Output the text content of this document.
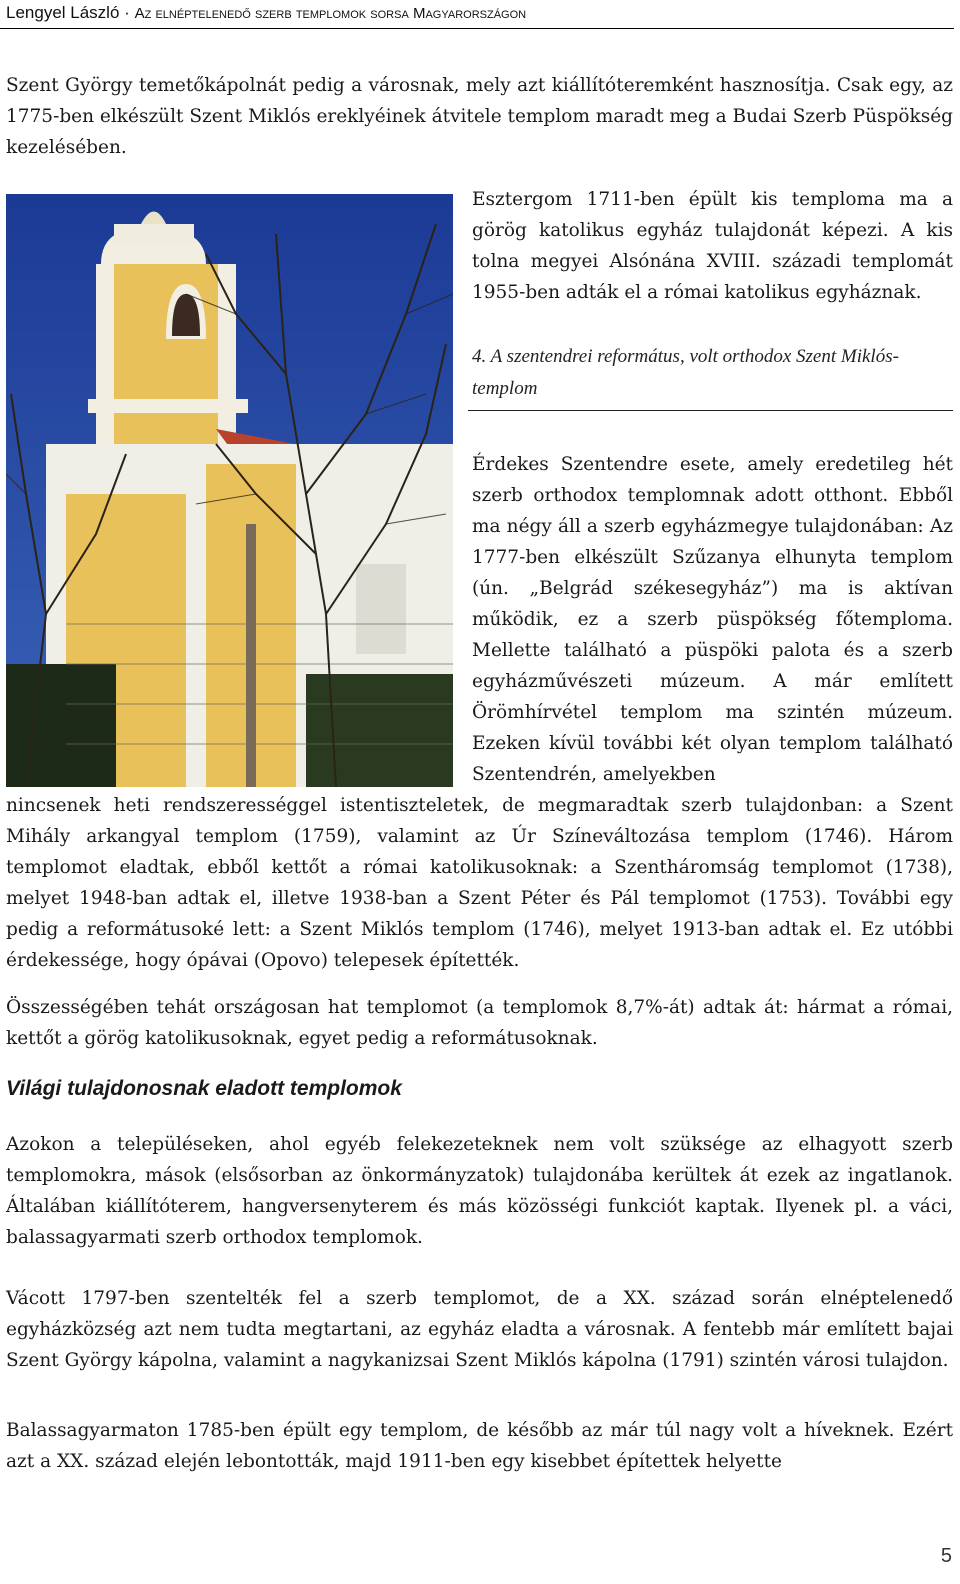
Lengyel László · Az elnéptelenedő szerb templomok sorsa Magyarországon

Szent György temetőkápolnát pedig a városnak, mely azt kiállítóteremként hasznosítja. Csak egy, az 1775-ben elkészült Szent Miklós ereklyéinek átvitele templom maradt meg a Budai Szerb Püspökség kezelésében.

Esztergom 1711-ben épült kis temploma ma a görög katolikus egyház tulajdonát képezi. A kis tolna megyei Alsónána XVIII. századi templomát 1955-ben adták el a római katolikus egyháznak.

4. A szentendrei református, volt orthodox Szent Miklós-templom

Érdekes Szentendre esete, amely eredetileg hét szerb orthodox templomnak adott otthont. Ebből ma négy áll a szerb egyházmegye tulajdonában: Az 1777-ben elkészült Szűzanya elhunyta templom (ún. „Belgrád székesegyház”) ma is aktívan működik, ez a szerb püspökség főtemploma. Mellette található a püspöki palota és a szerb egyházművészeti múzeum. A már említett Örömhírvétel templom ma szintén múzeum. Ezeken kívül további két olyan templom található Szentendrén, amelyekben

nincsenek heti rendszerességgel istentiszteletek, de megmaradtak szerb tulajdonban: a Szent Mihály arkangyal templom (1759), valamint az Úr Színeváltozása templom (1746). Három templomot eladtak, ebből kettőt a római katolikusoknak: a Szentháromság templomot (1738), melyet 1948-ban adtak el, illetve 1938-ban a Szent Péter és Pál templomot (1753). További egy pedig a reformátusoké lett: a Szent Miklós templom (1746), melyet 1913-ban adtak el. Ez utóbbi érdekessége, hogy ópávai (Opovo) telepesek építették.

Összességében tehát országosan hat templomot (a templomok 8,7%-át) adtak át: hármat a római, kettőt a görög katolikusoknak, egyet pedig a reformátusoknak.

Világi tulajdonosnak eladott templomok

Azokon a településeken, ahol egyéb felekezeteknek nem volt szüksége az elhagyott szerb templomokra, mások (elsősorban az önkormányzatok) tulajdonába kerültek át ezek az ingatlanok. Általában kiállítóterem, hangversenyterem és más közösségi funkciót kaptak. Ilyenek pl. a váci, balassagyarmati szerb orthodox templomok.

Vácott 1797-ben szentelték fel a szerb templomot, de a XX. század során elnéptelenedő egyházközség azt nem tudta megtartani, az egyház eladta a városnak. A fentebb már említett bajai Szent György kápolna, valamint a nagykanizsai Szent Miklós kápolna (1791) szintén városi tulajdon.

Balassagyarmaton 1785-ben épült egy templom, de később az már túl nagy volt a híveknek. Ezért azt a XX. század elején lebontották, majd 1911-ben egy kisebbet építettek helyette

5
